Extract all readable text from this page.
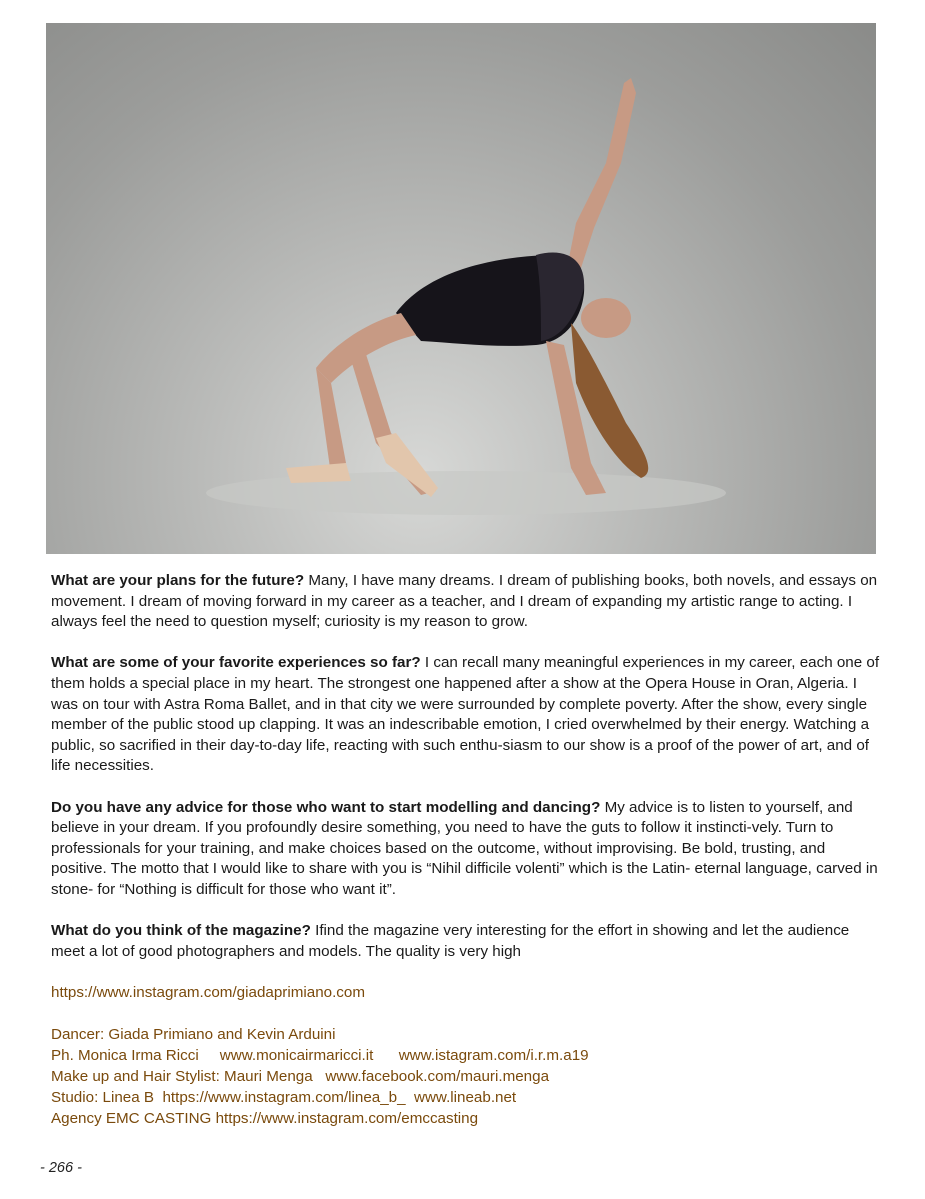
What are your plans for the future? Many, I have many dreams. I dream of publishing books, both novels, and essays on movement. I dream of moving forward in my career as a teacher, and I dream of expanding my artistic range to acting. I always feel the need to question myself; curiosity is my reason to grow.

What are some of your favorite experiences so far? I can recall many meaningful experiences in my career, each one of them holds a special place in my heart. The strongest one happened after a show at the Opera House in Oran, Algeria. I was on tour with Astra Roma Ballet, and in that city we were surrounded by complete poverty. After the show, every single member of the public stood up clapping. It was an indescribable emotion, I cried overwhelmed by their energy. Watching a public, so sacrified in their day-to-day life, reacting with such enthu-siasm to our show is a proof of the power of art, and of life necessities.

Do you have any advice for those who want to start modelling and dancing? My advice is to listen to yourself, and believe in your dream. If you profoundly desire something, you need to have the guts to follow it instincti-vely. Turn to professionals for your training, and make choices based on the outcome, without improvising. Be bold, trusting, and positive. The motto that I would like to share with you is “Nihil difficile volenti” which is the Latin- eternal language, carved in stone- for “Nothing is difficult for those who want it”.

What do you think of the magazine? Ifind the magazine very interesting for the effort in showing and let the audience meet a lot of good photographers and models. The quality is very high

https://www.instagram.com/giadaprimiano.com

Dancer: Giada Primiano and Kevin Arduini
Ph. Monica Irma Ricci     www.monicairmaricci.it      www.istagram.com/i.r.m.a19
Make up and Hair Stylist: Mauri Menga   www.facebook.com/mauri.menga
Studio: Linea B  https://www.instagram.com/linea_b_  www.lineab.net
Agency EMC CASTING https://www.instagram.com/emccasting
- 266 -
